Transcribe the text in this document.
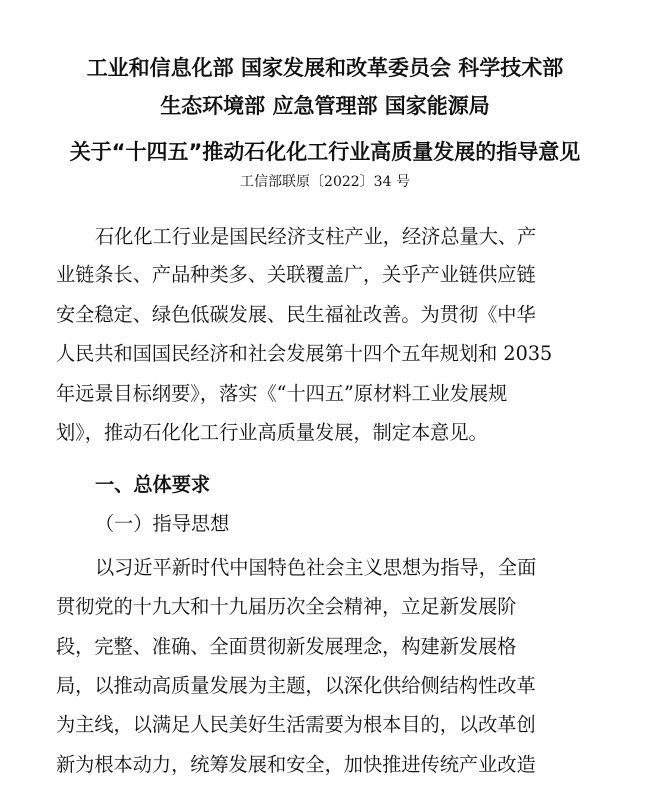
工业和信息化部 国家发展和改革委员会 科学技术部
生态环境部 应急管理部 国家能源局
关于“十四五”推动石化化工行业高质量发展的指导意见
工信部联原〔2022〕34 号
石化化工行业是国民经济支柱产业，经济总量大、产
业链条长、产品种类多、关联覆盖广，关乎产业链供应链
安全稳定、绿色低碳发展、民生福祉改善。为贯彻《中华
人民共和国国民经济和社会发展第十四个五年规划和 2035
年远景目标纲要》，落实《“十四五”原材料工业发展规
划》，推动石化化工行业高质量发展，制定本意见。
一、总体要求
（一）指导思想
以习近平新时代中国特色社会主义思想为指导，全面
贯彻党的十九大和十九届历次全会精神，立足新发展阶
段，完整、准确、全面贯彻新发展理念，构建新发展格
局，以推动高质量发展为主题，以深化供给侧结构性改革
为主线，以满足人民美好生活需要为根本目的，以改革创
新为根本动力，统筹发展和安全，加快推进传统产业改造
